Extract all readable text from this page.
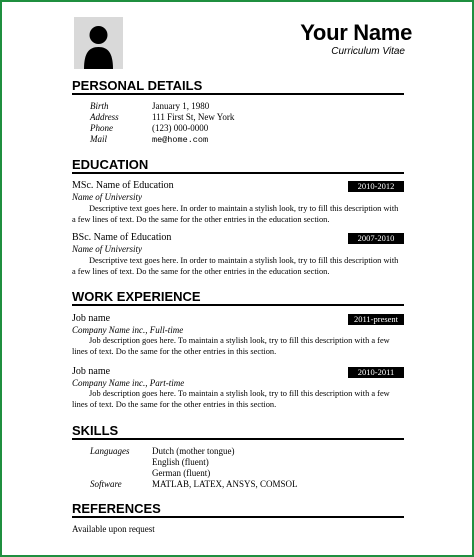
Your Name
Curriculum Vitae
PERSONAL DETAILS
Birth	January 1, 1980
Address	111 First St, New York
Phone	(123) 000-0000
Mail	me@home.com
EDUCATION
MSc. Name of Education	2010-2012
Name of University

Descriptive text goes here. In order to maintain a stylish look, try to fill this description with a few lines of text. Do the same for the other entries in the education section.

BSc. Name of Education	2007-2010
Name of University

Descriptive text goes here. In order to maintain a stylish look, try to fill this description with a few lines of text. Do the same for the other entries in the education section.

WORK EXPERIENCE
Job name	2011-present
Company Name inc., Full-time

Job description goes here. To maintain a stylish look, try to fill this description with a few lines of text. Do the same for the other entries in this section.

Job name	2010-2011
Company Name inc., Part-time

Job description goes here. To maintain a stylish look, try to fill this description with a few lines of text. Do the same for the other entries in this section.

SKILLS
Languages Dutch (mother tongue)
English (fluent)
German (fluent)
Software	MATLAB, LATEX, ANSYS, COMSOL
REFERENCES
Available upon request
